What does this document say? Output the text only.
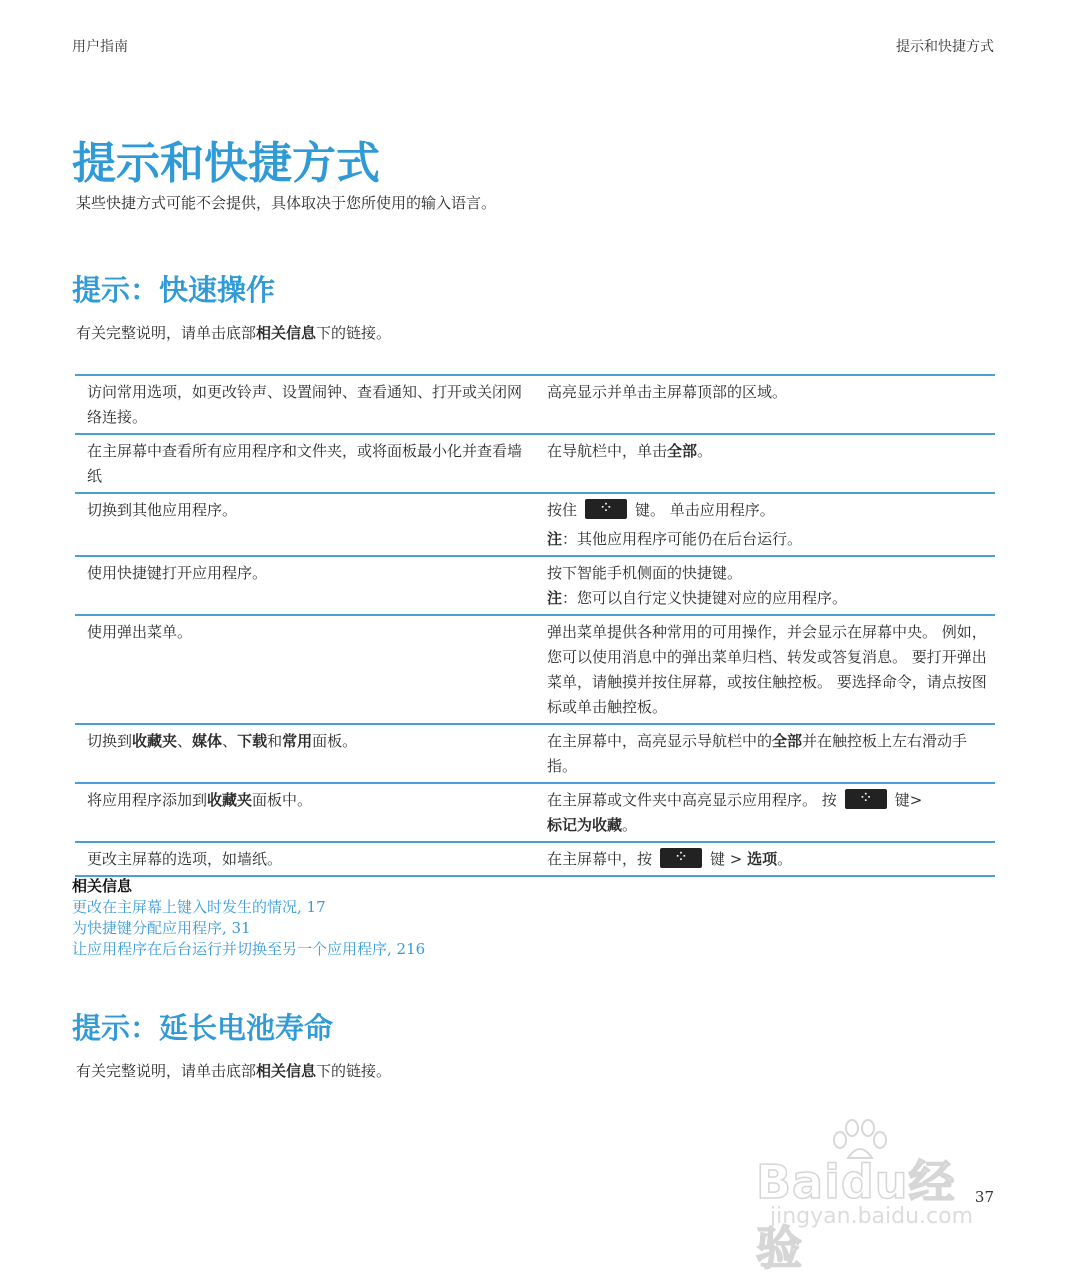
用户指南	提示和快捷方式
提示和快捷方式
某些快捷方式可能不会提供，具体取决于您所使用的输入语言。
提示：快速操作
有关完整说明，请单击底部相关信息下的链接。
访问常用选项，如更改铃声、设置闹钟、查看通知、打开或关闭网络连接。	高亮显示并单击主屏幕顶部的区域。
在主屏幕中查看所有应用程序和文件夹，或将面板最小化并查看墙纸	在导航栏中，单击全部。
切换到其他应用程序。	按住 ⁘ 键。 单击应用程序。
注：其他应用程序可能仍在后台运行。

使用快捷键打开应用程序。	按下智能手机侧面的快捷键。
注：您可以自行定义快捷键对应的应用程序。

使用弹出菜单。	弹出菜单提供各种常用的可用操作，并会显示在屏幕中央。 例如，您可以使用消息中的弹出菜单归档、转发或答复消息。 要打开弹出菜单，请触摸并按住屏幕，或按住触控板。 要选择命令，请点按图标或单击触控板。
切换到收藏夹、媒体、下载和常用面板。	在主屏幕中，高亮显示导航栏中的全部并在触控板上左右滑动手指。
将应用程序添加到收藏夹面板中。	在主屏幕或文件夹中高亮显示应用程序。 按 ⁘ 键>
标记为收藏。

更改主屏幕的选项，如墙纸。	在主屏幕中，按 ⁘ 键 > 选项。
相关信息
更改在主屏幕上键入时发生的情况, 17
为快捷键分配应用程序, 31
让应用程序在后台运行并切换至另一个应用程序, 216
提示：延长电池寿命
有关完整说明，请单击底部相关信息下的链接。
Baidu经验
jingyan.baidu.com
37
